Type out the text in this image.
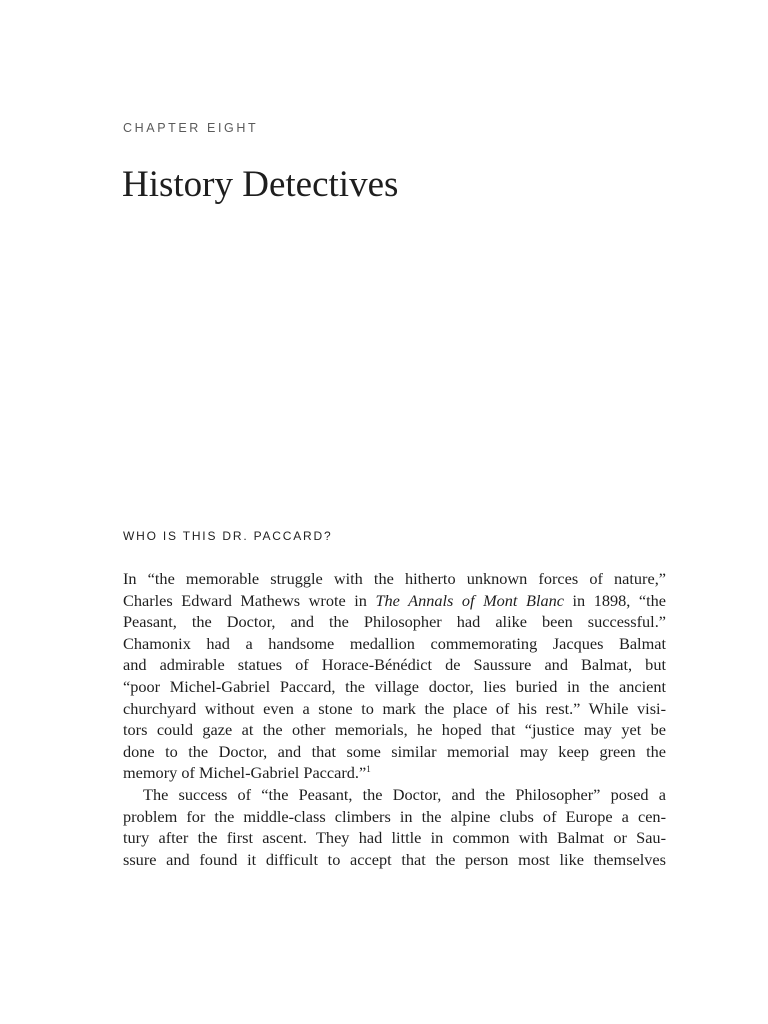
CHAPTER EIGHT
History Detectives
WHO IS THIS DR. PACCARD?
In “the memorable struggle with the hitherto unknown forces of nature,”
Charles Edward Mathews wrote in The Annals of Mont Blanc in 1898, “the
Peasant, the Doctor, and the Philosopher had alike been successful.”
Chamonix had a handsome medallion commemorating Jacques Balmat
and admirable statues of Horace-Bénédict de Saussure and Balmat, but
“poor Michel-Gabriel Paccard, the village doctor, lies buried in the ancient
churchyard without even a stone to mark the place of his rest.” While visi-
tors could gaze at the other memorials, he hoped that “justice may yet be
done to the Doctor, and that some similar memorial may keep green the
memory of Michel-Gabriel Paccard.”$^1$
The success of “the Peasant, the Doctor, and the Philosopher” posed a
problem for the middle-class climbers in the alpine clubs of Europe a cen-
tury after the first ascent. They had little in common with Balmat or Sau-
ssure and found it difficult to accept that the person most like themselves
